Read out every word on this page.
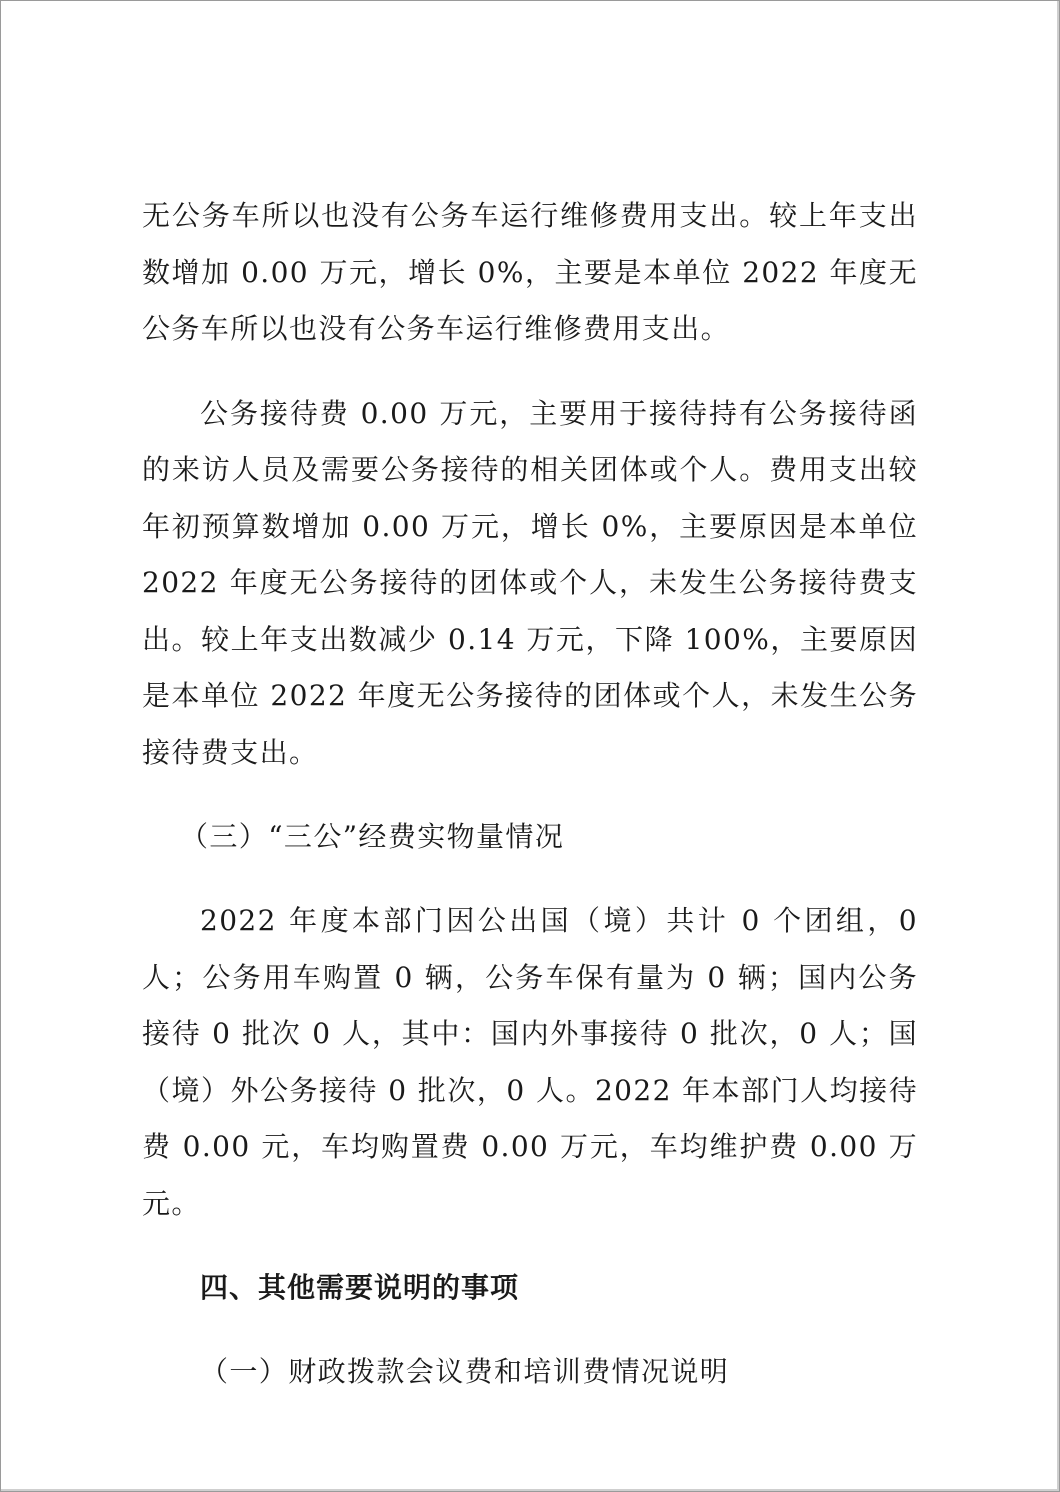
无公务车所以也没有公务车运行维修费用支出。较上年支出数增加 0.00 万元，增长 0%，主要是本单位 2022 年度无公务车所以也没有公务车运行维修费用支出。

公务接待费 0.00 万元，主要用于接待持有公务接待函的来访人员及需要公务接待的相关团体或个人。费用支出较年初预算数增加 0.00 万元，增长 0%，主要原因是本单位 2022 年度无公务接待的团体或个人，未发生公务接待费支出。较上年支出数减少 0.14 万元，下降 100%，主要原因是本单位 2022 年度无公务接待的团体或个人，未发生公务接待费支出。

（三）“三公”经费实物量情况

2022 年度本部门因公出国（境）共计 0 个团组，0 人；公务用车购置 0 辆，公务车保有量为 0 辆；国内公务接待 0 批次 0 人，其中：国内外事接待 0 批次，0 人；国（境）外公务接待 0 批次，0 人。2022 年本部门人均接待费 0.00 元，车均购置费 0.00 万元，车均维护费 0.00 万元。

四、其他需要说明的事项

（一）财政拨款会议费和培训费情况说明
